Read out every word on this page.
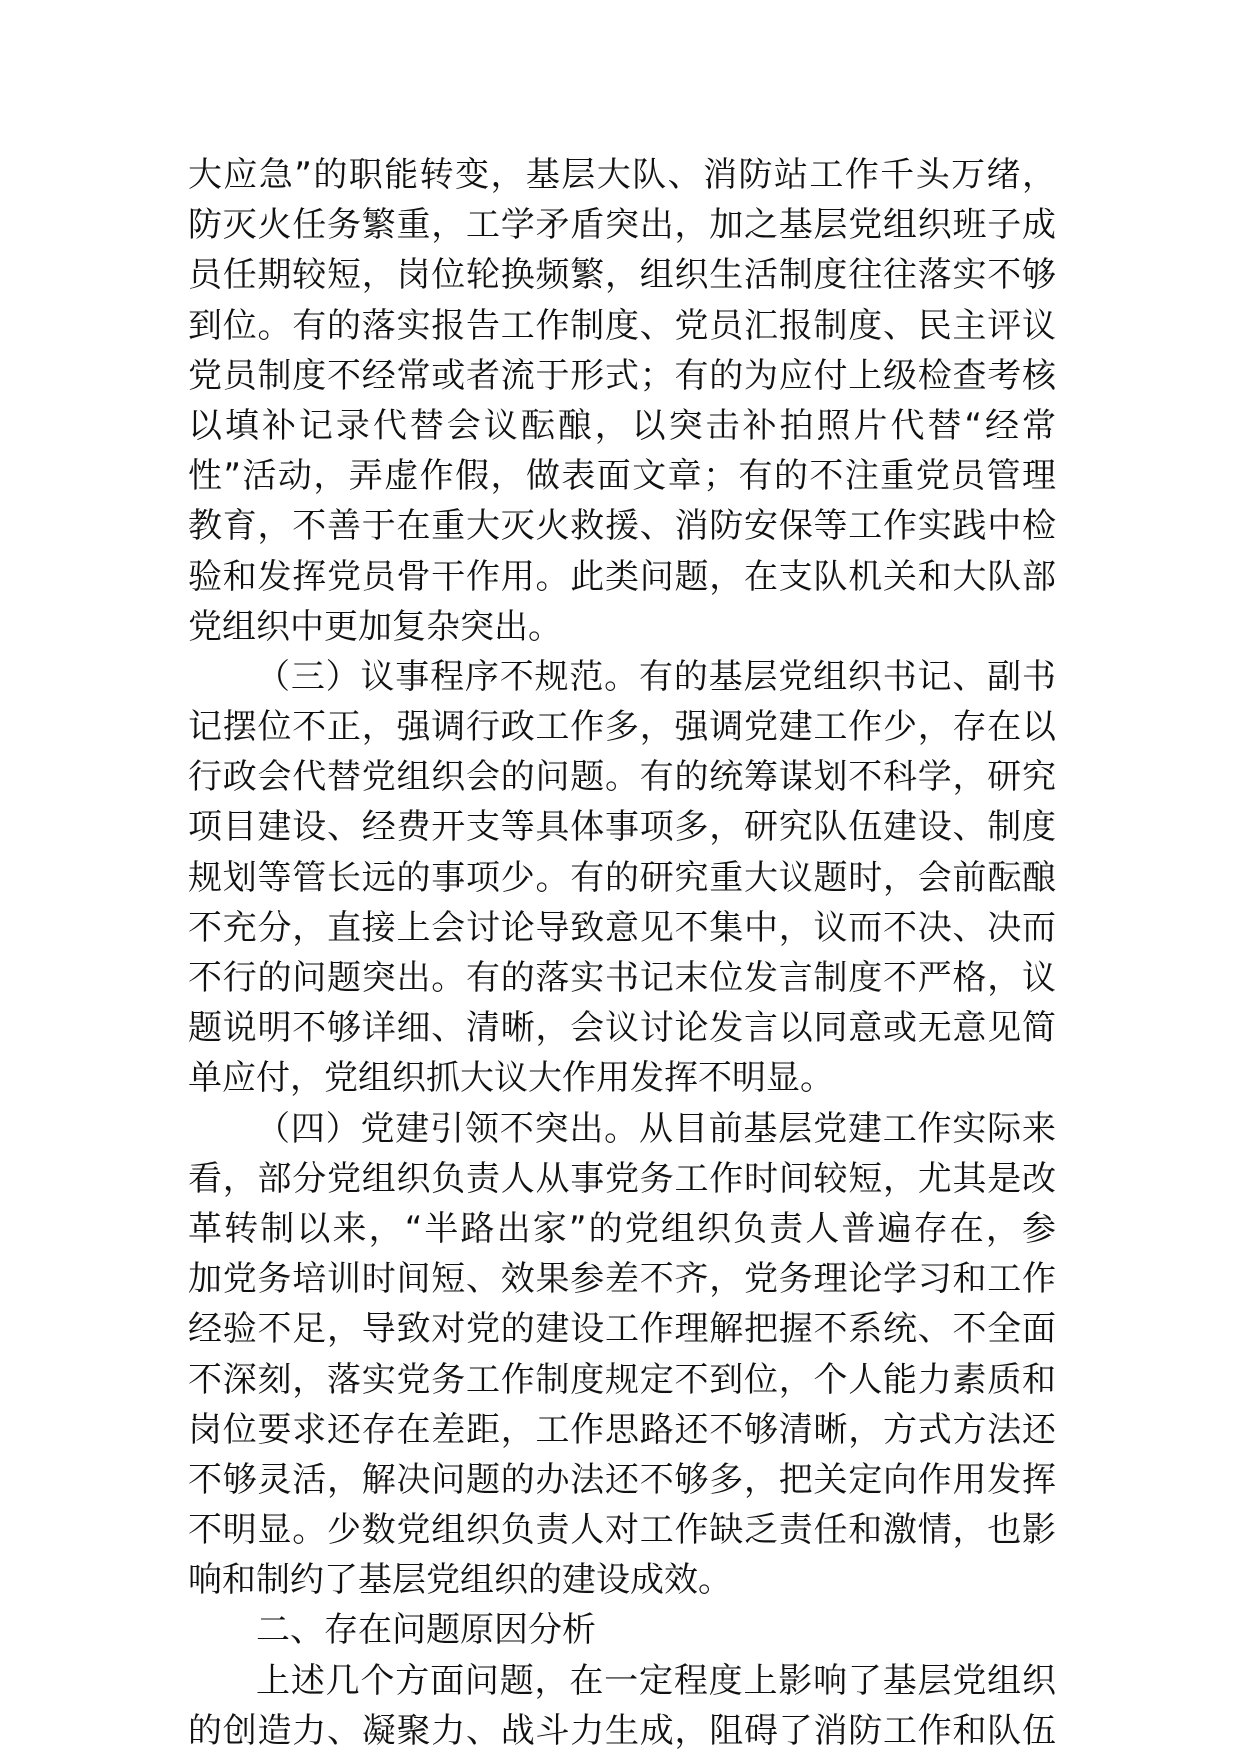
大应急”的职能转变，基层大队、消防站工作千头万绪，
防灭火任务繁重，工学矛盾突出，加之基层党组织班子成
员任期较短，岗位轮换频繁，组织生活制度往往落实不够
到位。有的落实报告工作制度、党员汇报制度、民主评议
党员制度不经常或者流于形式；有的为应付上级检查考核
以填补记录代替会议酝酿，以突击补拍照片代替“经常
性”活动，弄虚作假，做表面文章；有的不注重党员管理
教育，不善于在重大灭火救援、消防安保等工作实践中检
验和发挥党员骨干作用。此类问题，在支队机关和大队部
党组织中更加复杂突出。
（三）议事程序不规范。有的基层党组织书记、副书
记摆位不正，强调行政工作多，强调党建工作少，存在以
行政会代替党组织会的问题。有的统筹谋划不科学，研究
项目建设、经费开支等具体事项多，研究队伍建设、制度
规划等管长远的事项少。有的研究重大议题时，会前酝酿
不充分，直接上会讨论导致意见不集中，议而不决、决而
不行的问题突出。有的落实书记末位发言制度不严格，议
题说明不够详细、清晰，会议讨论发言以同意或无意见简
单应付，党组织抓大议大作用发挥不明显。
（四）党建引领不突出。从目前基层党建工作实际来
看，部分党组织负责人从事党务工作时间较短，尤其是改
革转制以来，“半路出家”的党组织负责人普遍存在，参
加党务培训时间短、效果参差不齐，党务理论学习和工作
经验不足，导致对党的建设工作理解把握不系统、不全面
不深刻，落实党务工作制度规定不到位，个人能力素质和
岗位要求还存在差距，工作思路还不够清晰，方式方法还
不够灵活，解决问题的办法还不够多，把关定向作用发挥
不明显。少数党组织负责人对工作缺乏责任和激情，也影
响和制约了基层党组织的建设成效。
二、存在问题原因分析
上述几个方面问题，在一定程度上影响了基层党组织
的创造力、凝聚力、战斗力生成，阻碍了消防工作和队伍
